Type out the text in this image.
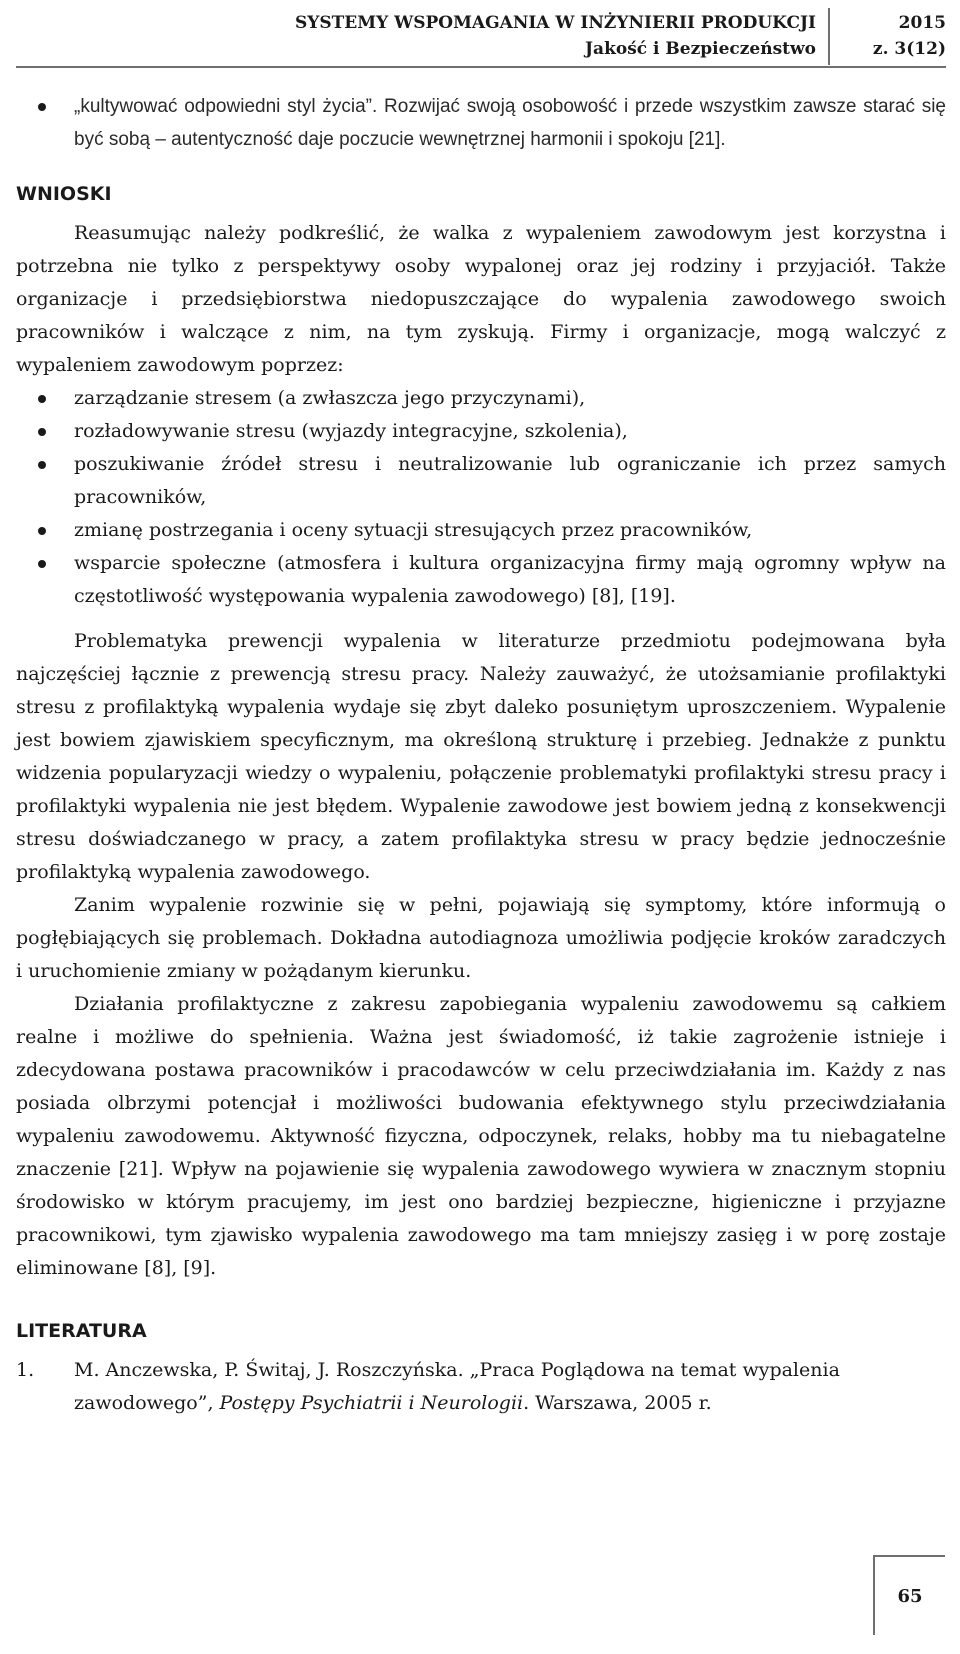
SYSTEMY WSPOMAGANIA W INŻYNIERII PRODUKCJI
Jakość i Bezpieczeństwo
2015
z. 3(12)
„kultywować odpowiedni styl życia”. Rozwijać swoją osobowość i przede wszystkim zawsze starać się być sobą – autentyczność daje poczucie wewnętrznej harmonii i spokoju [21].
WNIOSKI

Reasumując należy podkreślić, że walka z wypaleniem zawodowym jest korzystna i potrzebna nie tylko z perspektywy osoby wypalonej oraz jej rodziny i przyjaciół. Także organizacje i przedsiębiorstwa niedopuszczające do wypalenia zawodowego swoich pracowników i walczące z nim, na tym zyskują. Firmy i organizacje, mogą walczyć z wypaleniem zawodowym poprzez:

zarządzanie stresem (a zwłaszcza jego przyczynami),
rozładowywanie stresu (wyjazdy integracyjne, szkolenia),
poszukiwanie źródeł stresu i neutralizowanie lub ograniczanie ich przez samych pracowników,
zmianę postrzegania i oceny sytuacji stresujących przez pracowników,
wsparcie społeczne (atmosfera i kultura organizacyjna firmy mają ogromny wpływ na częstotliwość występowania wypalenia zawodowego) [8], [19].

Problematyka prewencji wypalenia w literaturze przedmiotu podejmowana była najczęściej łącznie z prewencją stresu pracy. Należy zauważyć, że utożsamianie profilaktyki stresu z profilaktyką wypalenia wydaje się zbyt daleko posuniętym uproszczeniem. Wypalenie jest bowiem zjawiskiem specyficznym, ma określoną strukturę i przebieg. Jednakże z punktu widzenia popularyzacji wiedzy o wypaleniu, połączenie problematyki profilaktyki stresu pracy i profilaktyki wypalenia nie jest błędem. Wypalenie zawodowe jest bowiem jedną z konsekwencji stresu doświadczanego w pracy, a zatem profilaktyka stresu w pracy będzie jednocześnie profilaktyką wypalenia zawodowego.

Zanim wypalenie rozwinie się w pełni, pojawiają się symptomy, które informują o pogłębiających się problemach. Dokładna autodiagnoza umożliwia podjęcie kroków zaradczych i uruchomienie zmiany w pożądanym kierunku.

Działania profilaktyczne z zakresu zapobiegania wypaleniu zawodowemu są całkiem realne i możliwe do spełnienia. Ważna jest świadomość, iż takie zagrożenie istnieje i zdecydowana postawa pracowników i pracodawców w celu przeciwdziałania im. Każdy z nas posiada olbrzymi potencjał i możliwości budowania efektywnego stylu przeciwdziałania wypaleniu zawodowemu. Aktywność fizyczna, odpoczynek, relaks, hobby ma tu niebagatelne znaczenie [21]. Wpływ na pojawienie się wypalenia zawodowego wywiera w znacznym stopniu środowisko w którym pracujemy, im jest ono bardziej bezpieczne, higieniczne i przyjazne pracownikowi, tym zjawisko wypalenia zawodowego ma tam mniejszy zasięg i w porę zostaje eliminowane [8], [9].

LITERATURA
1. M. Anczewska, P. Świtaj, J. Roszczyńska. „Praca Poglądowa na temat wypalenia zawodowego”, Postępy Psychiatrii i Neurologii. Warszawa, 2005 r.
65
